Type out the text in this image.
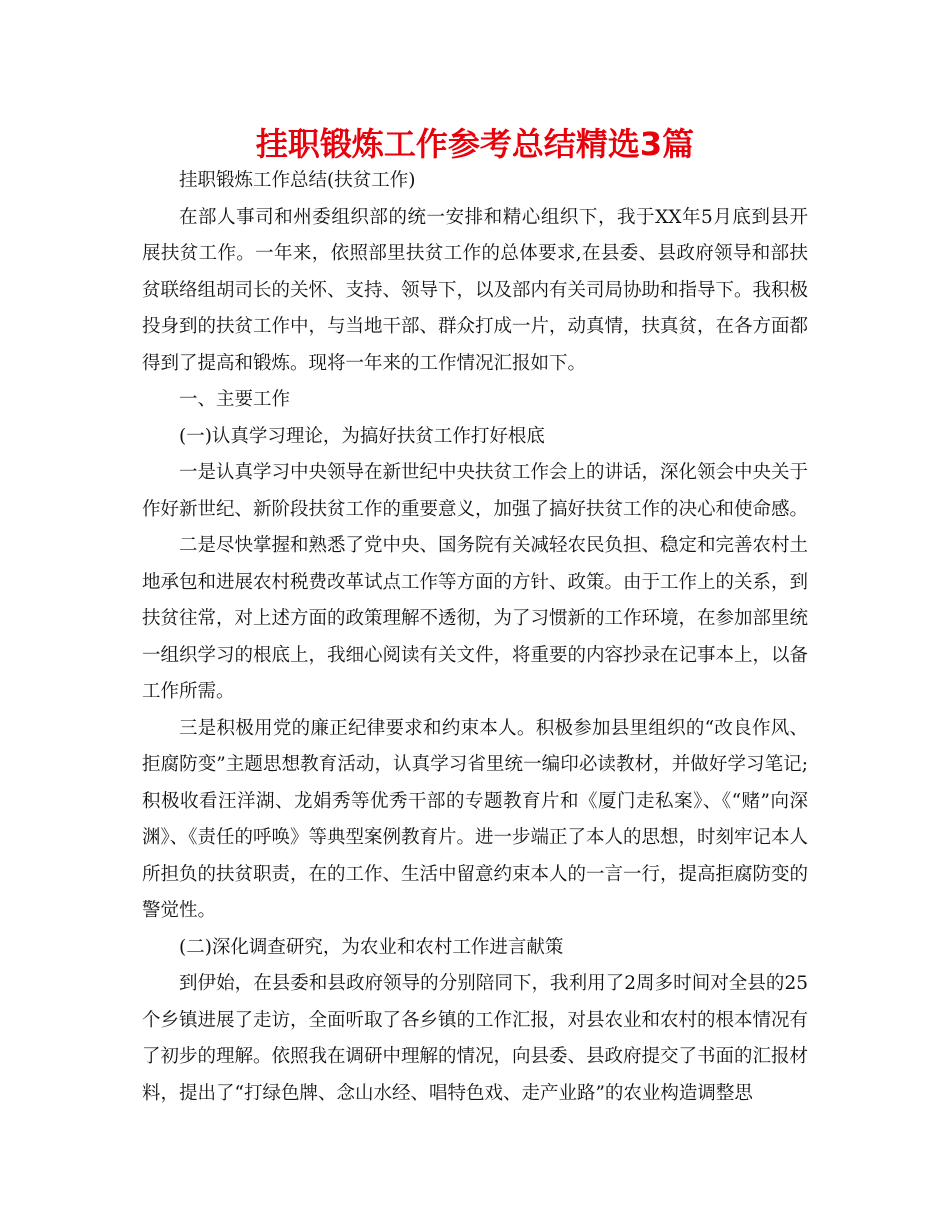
挂职锻炼工作参考总结精选3篇

挂职锻炼工作总结(扶贫工作)

在部人事司和州委组织部的统一安排和精心组织下，我于XX年5月底到县开展扶贫工作。一年来，依照部里扶贫工作的总体要求,在县委、县政府领导和部扶贫联络组胡司长的关怀、支持、领导下，以及部内有关司局协助和指导下。我积极投身到的扶贫工作中，与当地干部、群众打成一片，动真情，扶真贫，在各方面都得到了提高和锻炼。现将一年来的工作情况汇报如下。

一、主要工作

(一)认真学习理论，为搞好扶贫工作打好根底

一是认真学习中央领导在新世纪中央扶贫工作会上的讲话，深化领会中央关于作好新世纪、新阶段扶贫工作的重要意义，加强了搞好扶贫工作的决心和使命感。

二是尽快掌握和熟悉了党中央、国务院有关减轻农民负担、稳定和完善农村土地承包和进展农村税费改革试点工作等方面的方针、政策。由于工作上的关系，到扶贫往常，对上述方面的政策理解不透彻，为了习惯新的工作环境，在参加部里统一组织学习的根底上，我细心阅读有关文件，将重要的内容抄录在记事本上，以备工作所需。

三是积极用党的廉正纪律要求和约束本人。积极参加县里组织的“改良作风、拒腐防变”主题思想教育活动，认真学习省里统一编印必读教材，并做好学习笔记;积极收看汪洋湖、龙娟秀等优秀干部的专题教育片和《厦门走私案》、《“赌”向深渊》、《责任的呼唤》等典型案例教育片。进一步端正了本人的思想，时刻牢记本人所担负的扶贫职责，在的工作、生活中留意约束本人的一言一行，提高拒腐防变的警觉性。

(二)深化调查研究，为农业和农村工作进言献策

到伊始，在县委和县政府领导的分别陪同下，我利用了2周多时间对全县的25个乡镇进展了走访，全面听取了各乡镇的工作汇报，对县农业和农村的根本情况有了初步的理解。依照我在调研中理解的情况，向县委、县政府提交了书面的汇报材料，提出了“打绿色牌、念山水经、唱特色戏、走产业路”的农业构造调整思
